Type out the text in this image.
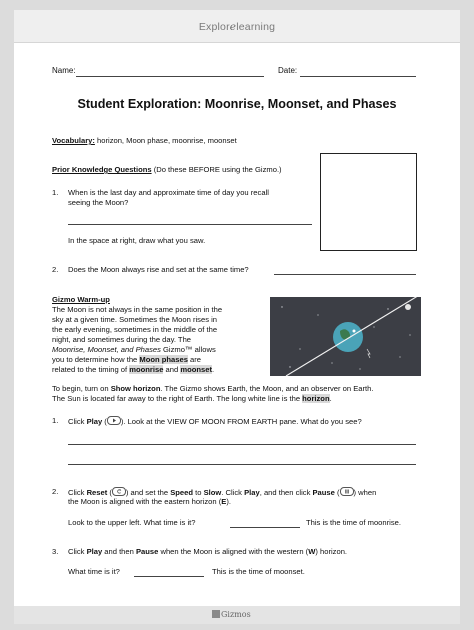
Explorelearning
Name:	Date:
Student Exploration: Moonrise, Moonset, and Phases
Vocabulary: horizon, Moon phase, moonrise, moonset
Prior Knowledge Questions (Do these BEFORE using the Gizmo.)
1. When is the last day and approximate time of day you recall
seeing the Moon?
In the space at right, draw what you saw.
2. Does the Moon always rise and set at the same time?
Gizmo Warm-up
The Moon is not always in the same position in the
sky at a given time. Sometimes the Moon rises in
the early evening, sometimes in the middle of the
night, and sometimes during the day. The
Moonrise, Moonset, and Phases Gizmo™ allows
you to determine how the Moon phases are
related to the timing of moonrise and moonset.
To begin, turn on Show horizon. The Gizmo shows Earth, the Moon, and an observer on Earth.
The Sun is located far away to the right of Earth. The long white line is the horizon.
1. Click Play ( ). Look at the VIEW OF MOON FROM EARTH pane. What do you see?
2. Click Reset ( ) and set the Speed to Slow. Click Play, and then click Pause ( ) when
the Moon is aligned with the eastern horizon (E).
Look to the upper left. What time is it?	This is the time of moonrise.
3. Click Play and then Pause when the Moon is aligned with the western (W) horizon.
What time is it?	This is the time of moonset.
Gizmos
